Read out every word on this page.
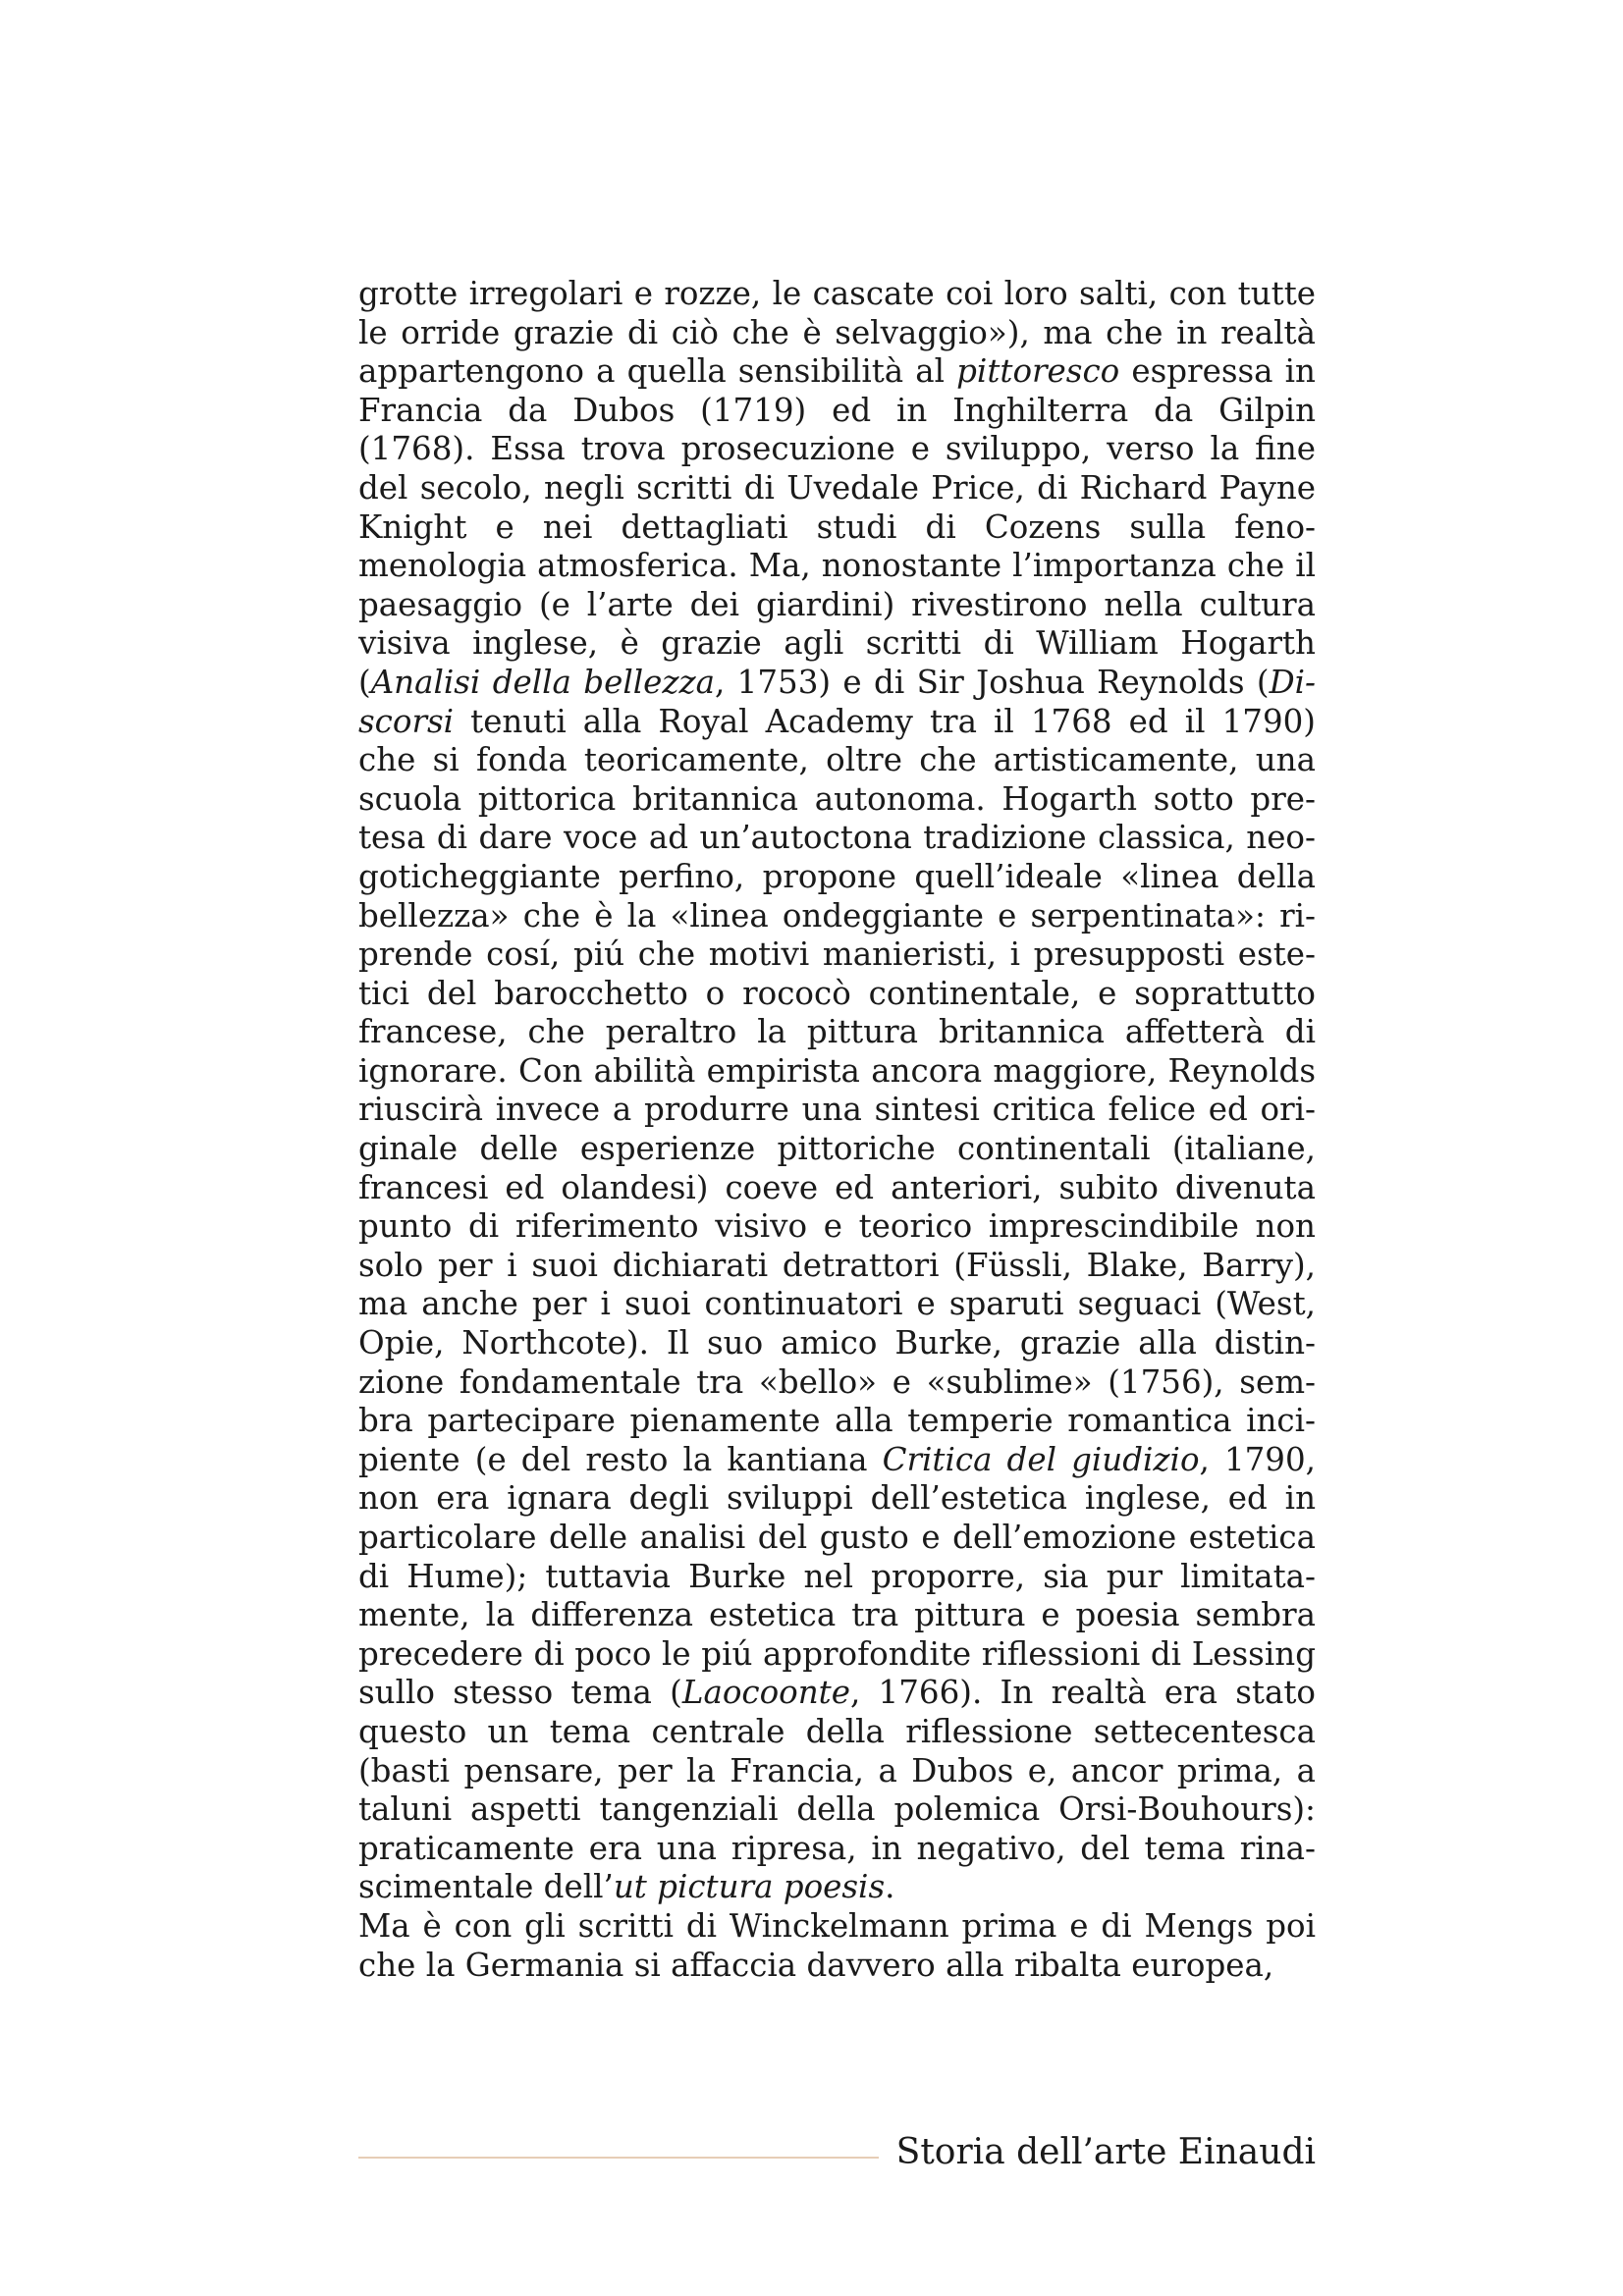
grotte irregolari e rozze, le cascate coi loro salti, con tutte le orride grazie di ciò che è selvaggio»), ma che in realtà appartengono a quella sensibilità al pittoresco espressa in Francia da Dubos (1719) ed in Inghilterra da Gilpin (1768). Essa trova prosecuzione e sviluppo, verso la fine del secolo, negli scritti di Uvedale Price, di Richard Payne Knight e nei dettagliati studi di Cozens sulla fenomenologia atmosferica. Ma, nonostante l’importanza che il paesaggio (e l’arte dei giardini) rivestirono nella cultura visiva inglese, è grazie agli scritti di William Hogarth (Analisi della bellezza, 1753) e di Sir Joshua Reynolds (Discorsi tenuti alla Royal Academy tra il 1768 ed il 1790) che si fonda teoricamente, oltre che artisticamente, una scuola pittorica britannica autonoma. Hogarth sotto pretesa di dare voce ad un’autoctona tradizione classica, neogoticheggiante perfino, propone quell’ideale «linea della bellezza» che è la «linea ondeggiante e serpentinata»: riprende cosí, piú che motivi manieristi, i presupposti estetici del barocchetto o rococò continentale, e soprattutto francese, che peraltro la pittura britannica affetterà di ignorare. Con abilità empirista ancora maggiore, Reynolds riuscirà invece a produrre una sintesi critica felice ed originale delle esperienze pittoriche continentali (italiane, francesi ed olandesi) coeve ed anteriori, subito divenuta punto di riferimento visivo e teorico imprescindibile non solo per i suoi dichiarati detrattori (Füssli, Blake, Barry), ma anche per i suoi continuatori e sparuti seguaci (West, Opie, Northcote). Il suo amico Burke, grazie alla distinzione fondamentale tra «bello» e «sublime» (1756), sembra partecipare pienamente alla temperie romantica incipiente (e del resto la kantiana Critica del giudizio, 1790, non era ignara degli sviluppi dell’estetica inglese, ed in particolare delle analisi del gusto e dell’emozione estetica di Hume); tuttavia Burke nel proporre, sia pur limitatamente, la differenza estetica tra pittura e poesia sembra precedere di poco le piú approfondite riflessioni di Lessing sullo stesso tema (Laocoonte, 1766). In realtà era stato questo un tema centrale della riflessione settecentesca (basti pensare, per la Francia, a Dubos e, ancor prima, a taluni aspetti tangenziali della polemica Orsi-Bouhours): praticamente era una ripresa, in negativo, del tema rinascimentale dell’ut pictura poesis.

Ma è con gli scritti di Winckelmann prima e di Mengs poi che la Germania si affaccia davvero alla ribalta europea,

Storia dell’arte Einaudi
